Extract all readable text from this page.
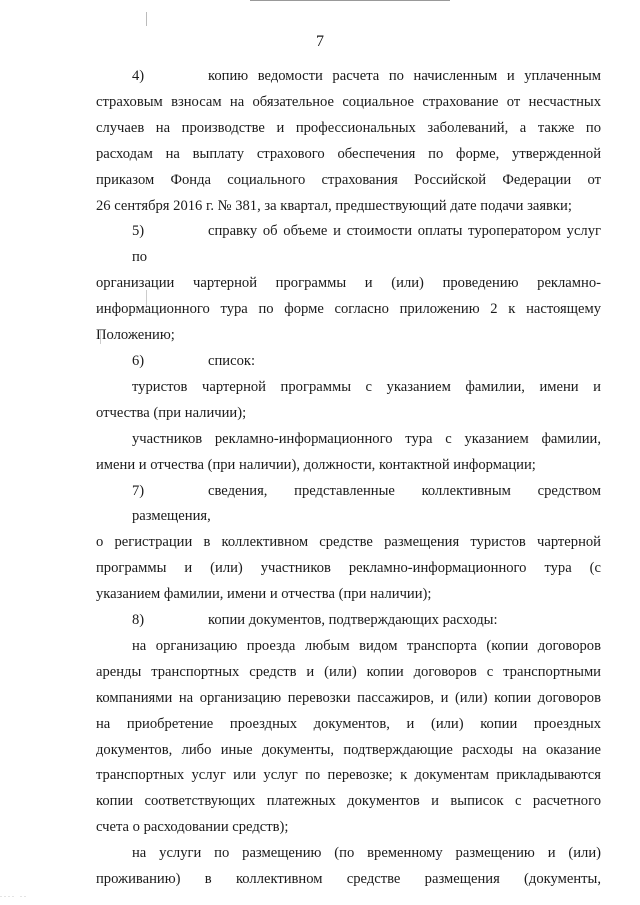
7
4)	копию ведомости расчета по начисленным и уплаченным
страховым взносам на обязательное социальное страхование от несчастных
случаев на производстве и профессиональных заболеваний, а также по
расходам на выплату страхового обеспечения по форме, утвержденной
приказом Фонда социального страхования Российской Федерации от
26 сентября 2016 г. № 381, за квартал, предшествующий дате подачи заявки;
5)	справку об объеме и стоимости оплаты туроператором услуг по
организации чартерной программы и (или) проведению рекламно-
информационного тура по форме согласно приложению 2 к настоящему
Положению;
6)	список:
туристов чартерной программы с указанием фамилии, имени и
отчества (при наличии);
участников рекламно-информационного тура с указанием фамилии,
имени и отчества (при наличии), должности, контактной информации;
7)	сведения, представленные коллективным средством размещения,
о регистрации в коллективном средстве размещения туристов чартерной
программы и (или) участников рекламно-информационного тура (с
указанием фамилии, имени и отчества (при наличии);
8)	копии документов, подтверждающих расходы:
на организацию проезда любым видом транспорта (копии договоров
аренды транспортных средств и (или) копии договоров с транспортными
компаниями на организацию перевозки пассажиров, и (или) копии договоров
на приобретение проездных документов, и (или) копии проездных
документов, либо иные документы, подтверждающие расходы на оказание
транспортных услуг или услуг по перевозке; к документам прикладываются
копии соответствующих платежных документов и выписок с расчетного
счета о расходовании средств);
на услуги по размещению (по временному размещению и (или)
проживанию) в коллективном средстве размещения (документы,
.... ..
